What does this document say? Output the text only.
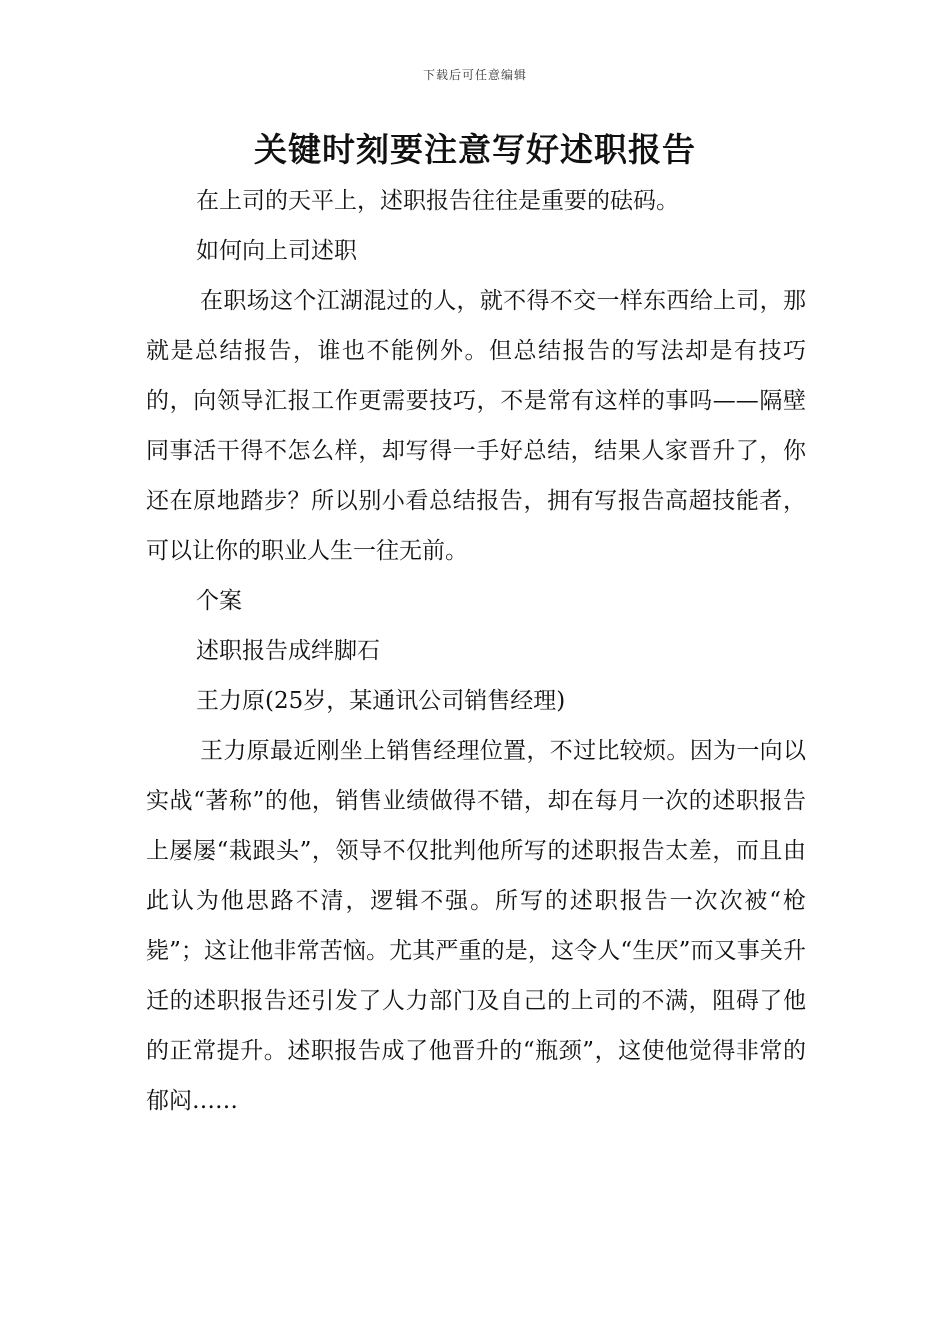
下载后可任意编辑
关键时刻要注意写好述职报告

在上司的天平上，述职报告往往是重要的砝码。

如何向上司述职

在职场这个江湖混过的人，就不得不交一样东西给上司，那就是总结报告，谁也不能例外。但总结报告的写法却是有技巧的，向领导汇报工作更需要技巧，不是常有这样的事吗——隔壁同事活干得不怎么样，却写得一手好总结，结果人家晋升了，你还在原地踏步？所以别小看总结报告，拥有写报告高超技能者，可以让你的职业人生一往无前。

个案

述职报告成绊脚石

王力原(25岁，某通讯公司销售经理)

王力原最近刚坐上销售经理位置，不过比较烦。因为一向以实战“著称”的他，销售业绩做得不错，却在每月一次的述职报告上屡屡“栽跟头”，领导不仅批判他所写的述职报告太差，而且由此认为他思路不清，逻辑不强。所写的述职报告一次次被“枪毙”；这让他非常苦恼。尤其严重的是，这令人“生厌”而又事关升迁的述职报告还引发了人力部门及自己的上司的不满，阻碍了他的正常提升。述职报告成了他晋升的“瓶颈”，这使他觉得非常的郁闷……
